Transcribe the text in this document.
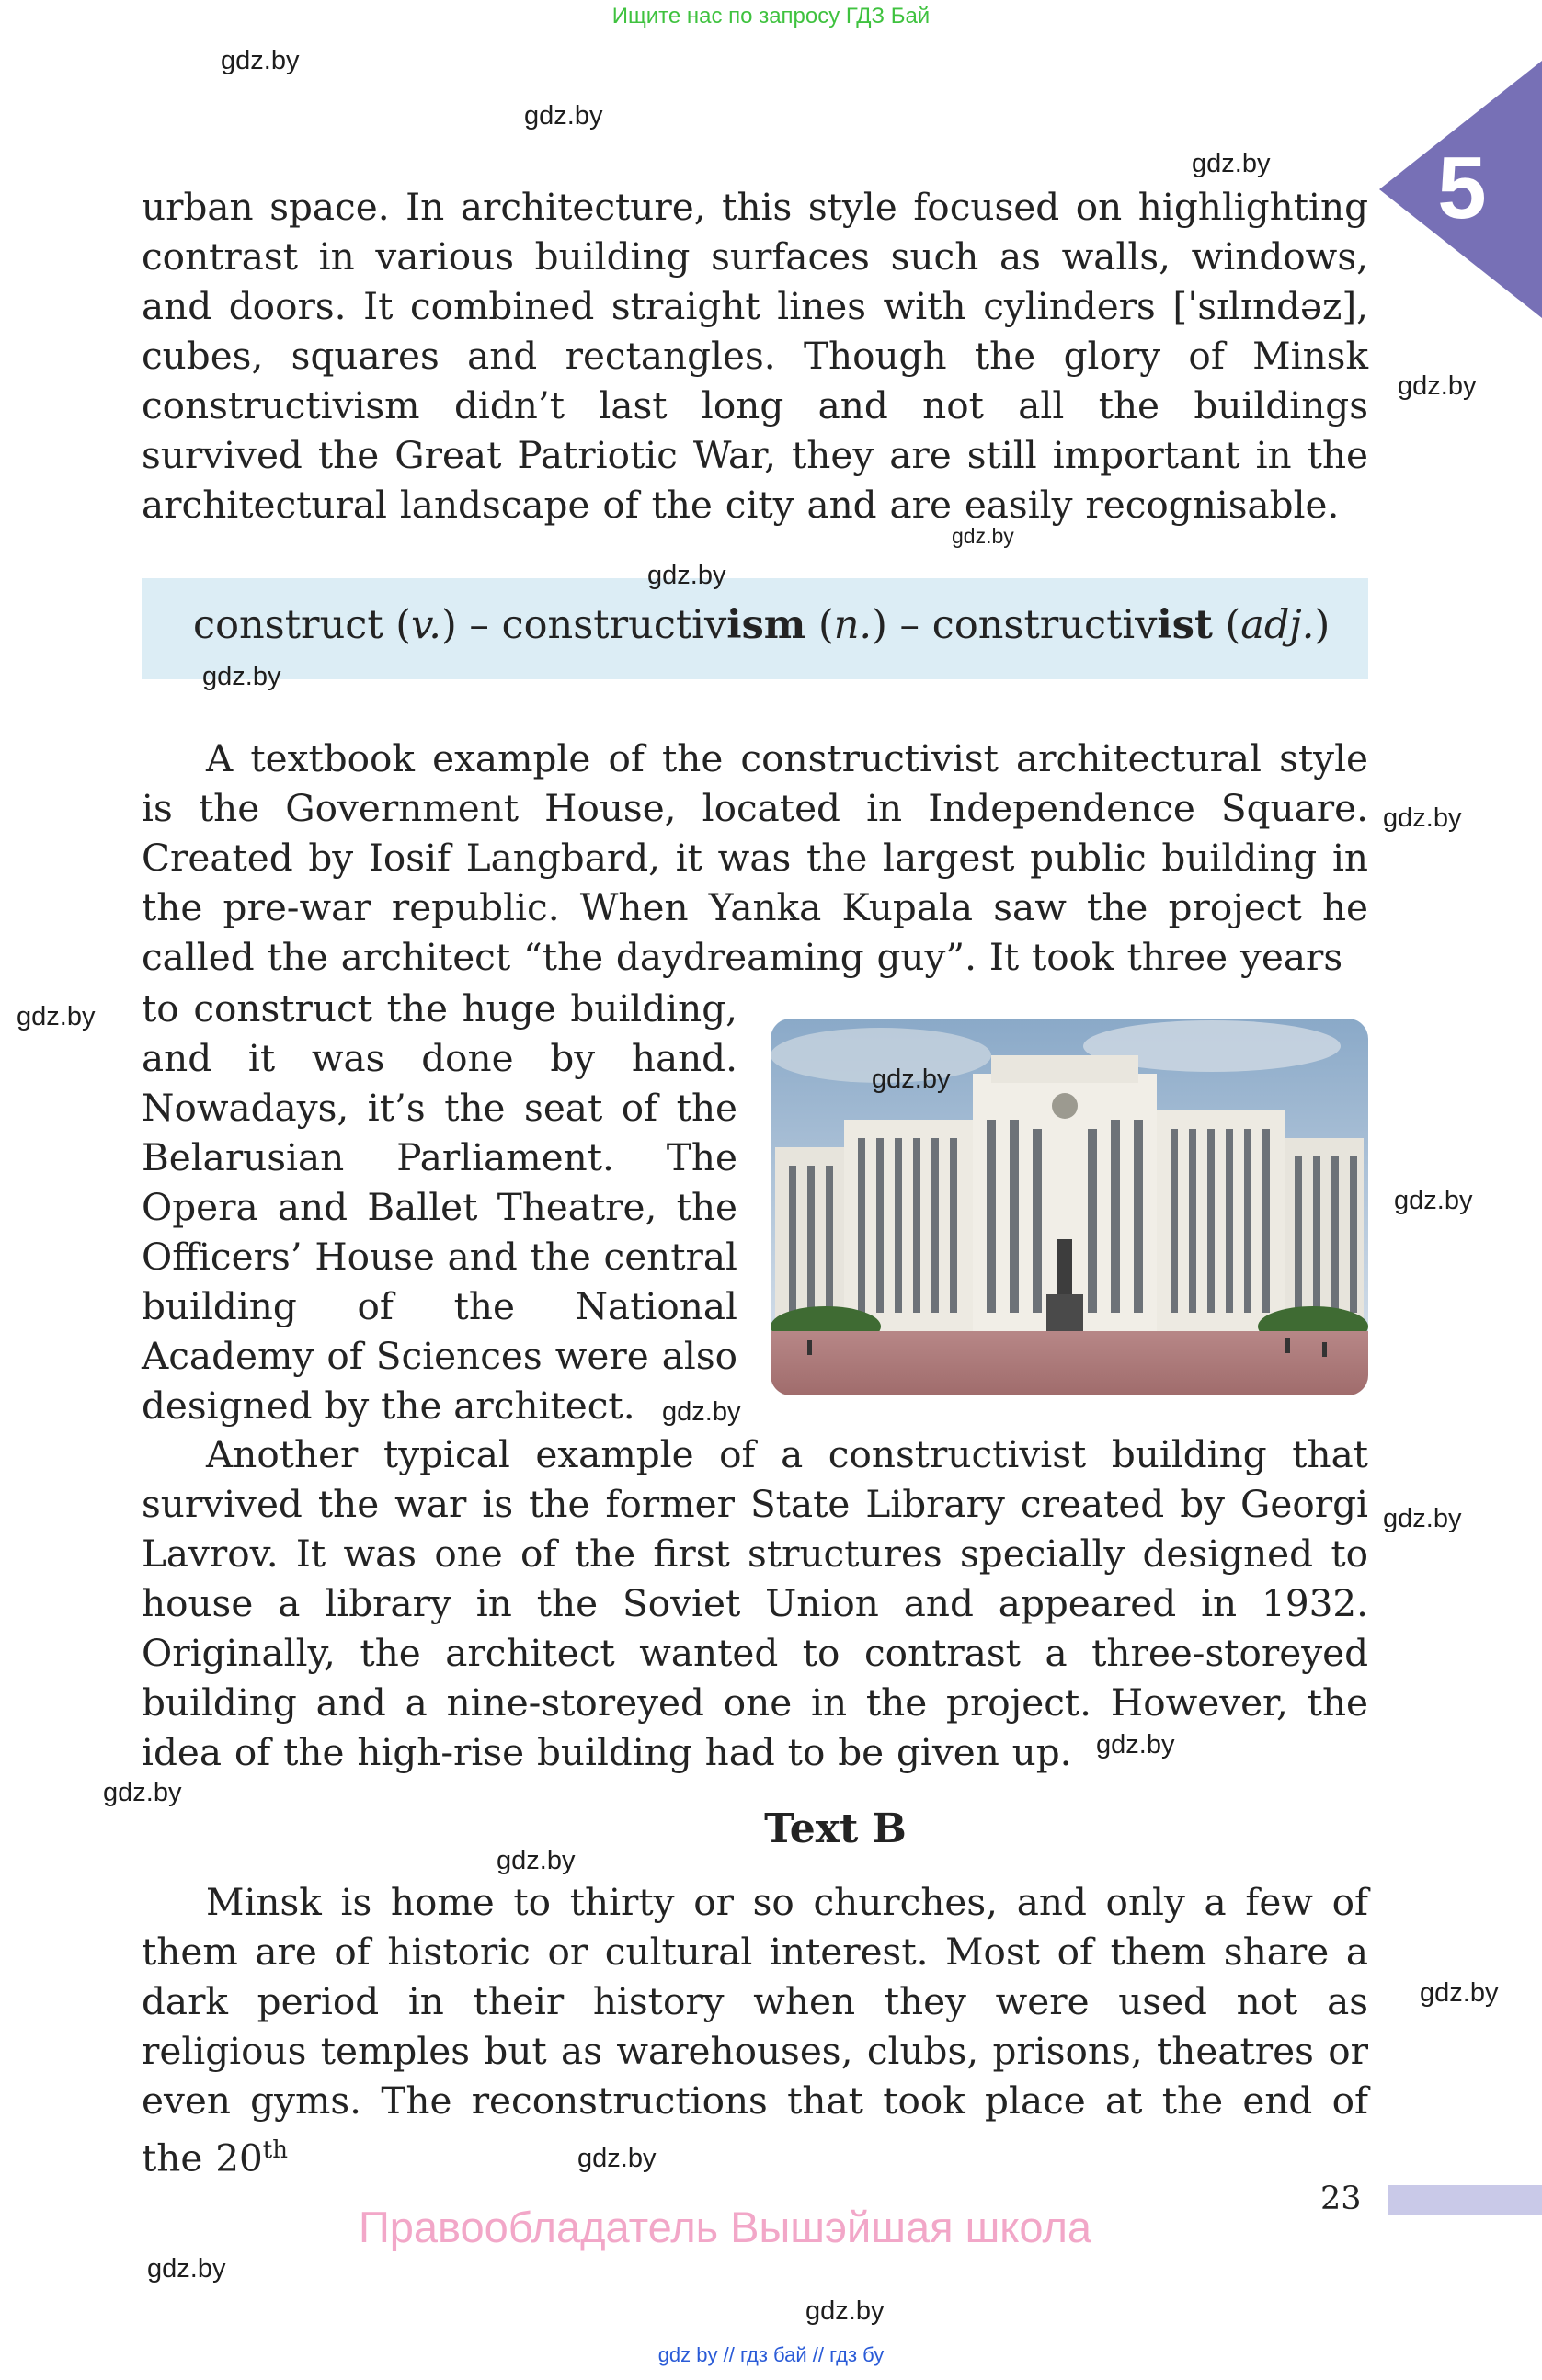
Ищите нас по запросу ГДЗ Бай
5

urban space. In architecture, this style focused on highlighting contrast in various building surfaces such as walls, windows, and doors. It combined straight lines with cylinders [ˈsɪlɪndəz], cubes, squares and rectangles. Though the glory of Minsk constructivism didn’t last long and not all the buildings survived the Great Patriotic War, they are still important in the architectural landscape of the city and are easily recognisable.

construct (v.) – constructivism (n.) – constructivist (adj.)

A textbook example of the constructivist architectural style is the Government House, located in Independence Square. Created by Iosif Langbard, it was the largest public building in the pre-war republic. When Yanka Kupala saw the project he called the architect “the daydreaming guy”. It took three years

to construct the huge building,
and it was done by hand.
Nowadays, it’s the seat of the
Belarusian Parliament. The
Opera and Ballet Theatre, the
Officers’ House and the central
building of the National
Academy of Sciences were also
designed by the architect.

Another typical example of a constructivist building that survived the war is the former State Library created by Georgi Lavrov. It was one of the first structures specially designed to house a library in the Soviet Union and appeared in 1932. Originally, the architect wanted to contrast a three-storeyed building and a nine-storeyed one in the project. However, the idea of the high-rise building had to be given up.

Text B

Minsk is home to thirty or so churches, and only a few of them are of historic or cultural interest. Most of them share a dark period in their history when they were used not as religious temples but as warehouses, clubs, prisons, theatres or even gyms. The reconstructions that took place at the end of the 20th

gdz.by
gdz.by
gdz.by
gdz.by
gdz.by
gdz.by
gdz.by
gdz.by
gdz.by
gdz.by
gdz.by
gdz.by
gdz.by
gdz.by
gdz.by
gdz.by
gdz.by
gdz.by
gdz.by
gdz.by
23
Правообладатель Вышэйшая школа
gdz by // гдз бай // гдз бу
